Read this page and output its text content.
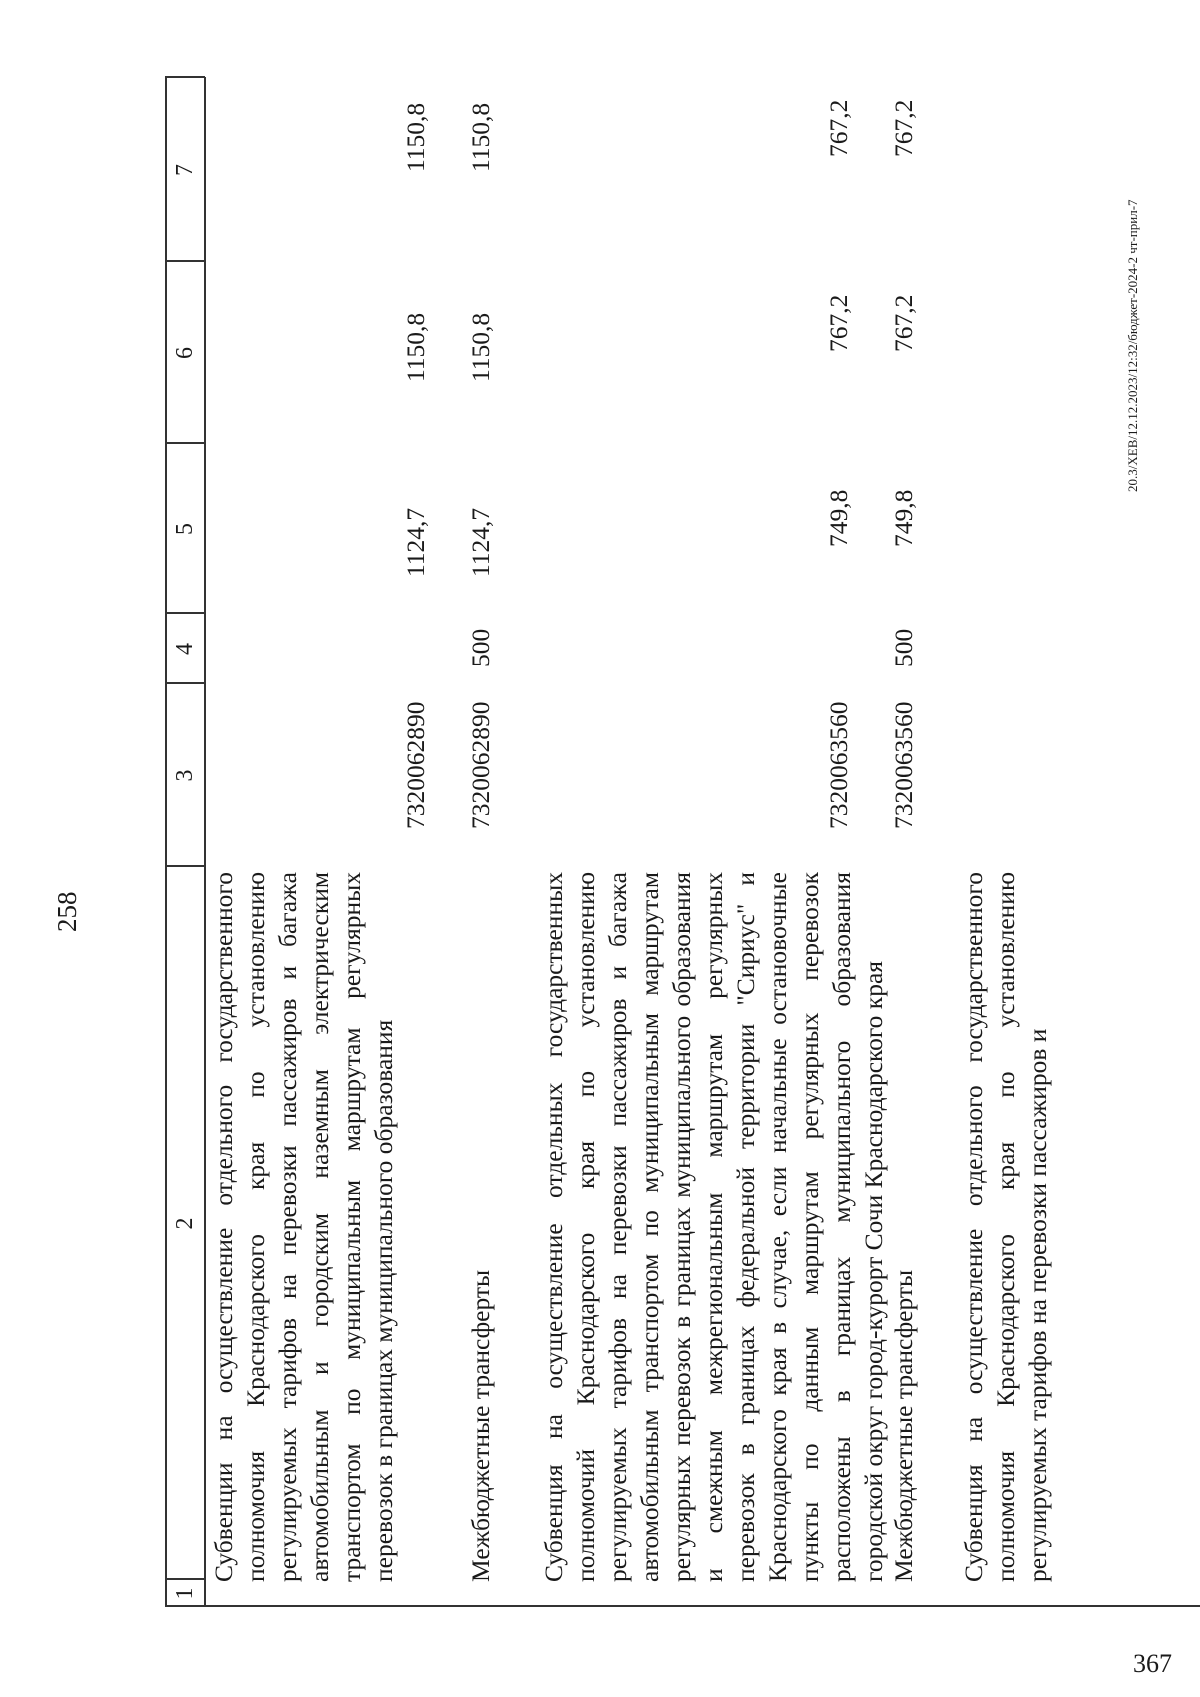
258
1
2
3
4
5
6
7
Субвенции на осуществление отдельного государственного полномочия Краснодарского края по установлению регулируемых тарифов на перевозки пассажиров и багажа автомобильным и городским наземным электрическим транспортом по муниципальным маршрутам регулярных перевозок в границах муниципального образования
7320062890
1124,7
1150,8
1150,8
Межбюджетные трансферты
7320062890
500
1124,7
1150,8
1150,8
Субвенция на осуществление отдельных государственных полномочий Краснодарского края по установлению регулируемых тарифов на перевозки пассажиров и багажа автомобильным транспортом по муниципальным маршрутам регулярных перевозок в границах муниципального образования и смежным межрегиональным маршрутам регулярных перевозок в границах федеральной территории "Сириус" и Краснодарского края в случае, если начальные остановочные пункты по данным маршрутам регулярных перевозок расположены в границах муниципального образования городской округ город-курорт Сочи Краснодарского края
7320063560
749,8
767,2
767,2
Межбюджетные трансферты
7320063560
500
749,8
767,2
767,2
Субвенция на осуществление отдельного государственного полномочия Краснодарского края по установлению регулируемых тарифов на перевозки пассажиров и
20.3/ХЕВ/12.12.2023/12:32/бюджет-2024-2 чт-прил-7
367
